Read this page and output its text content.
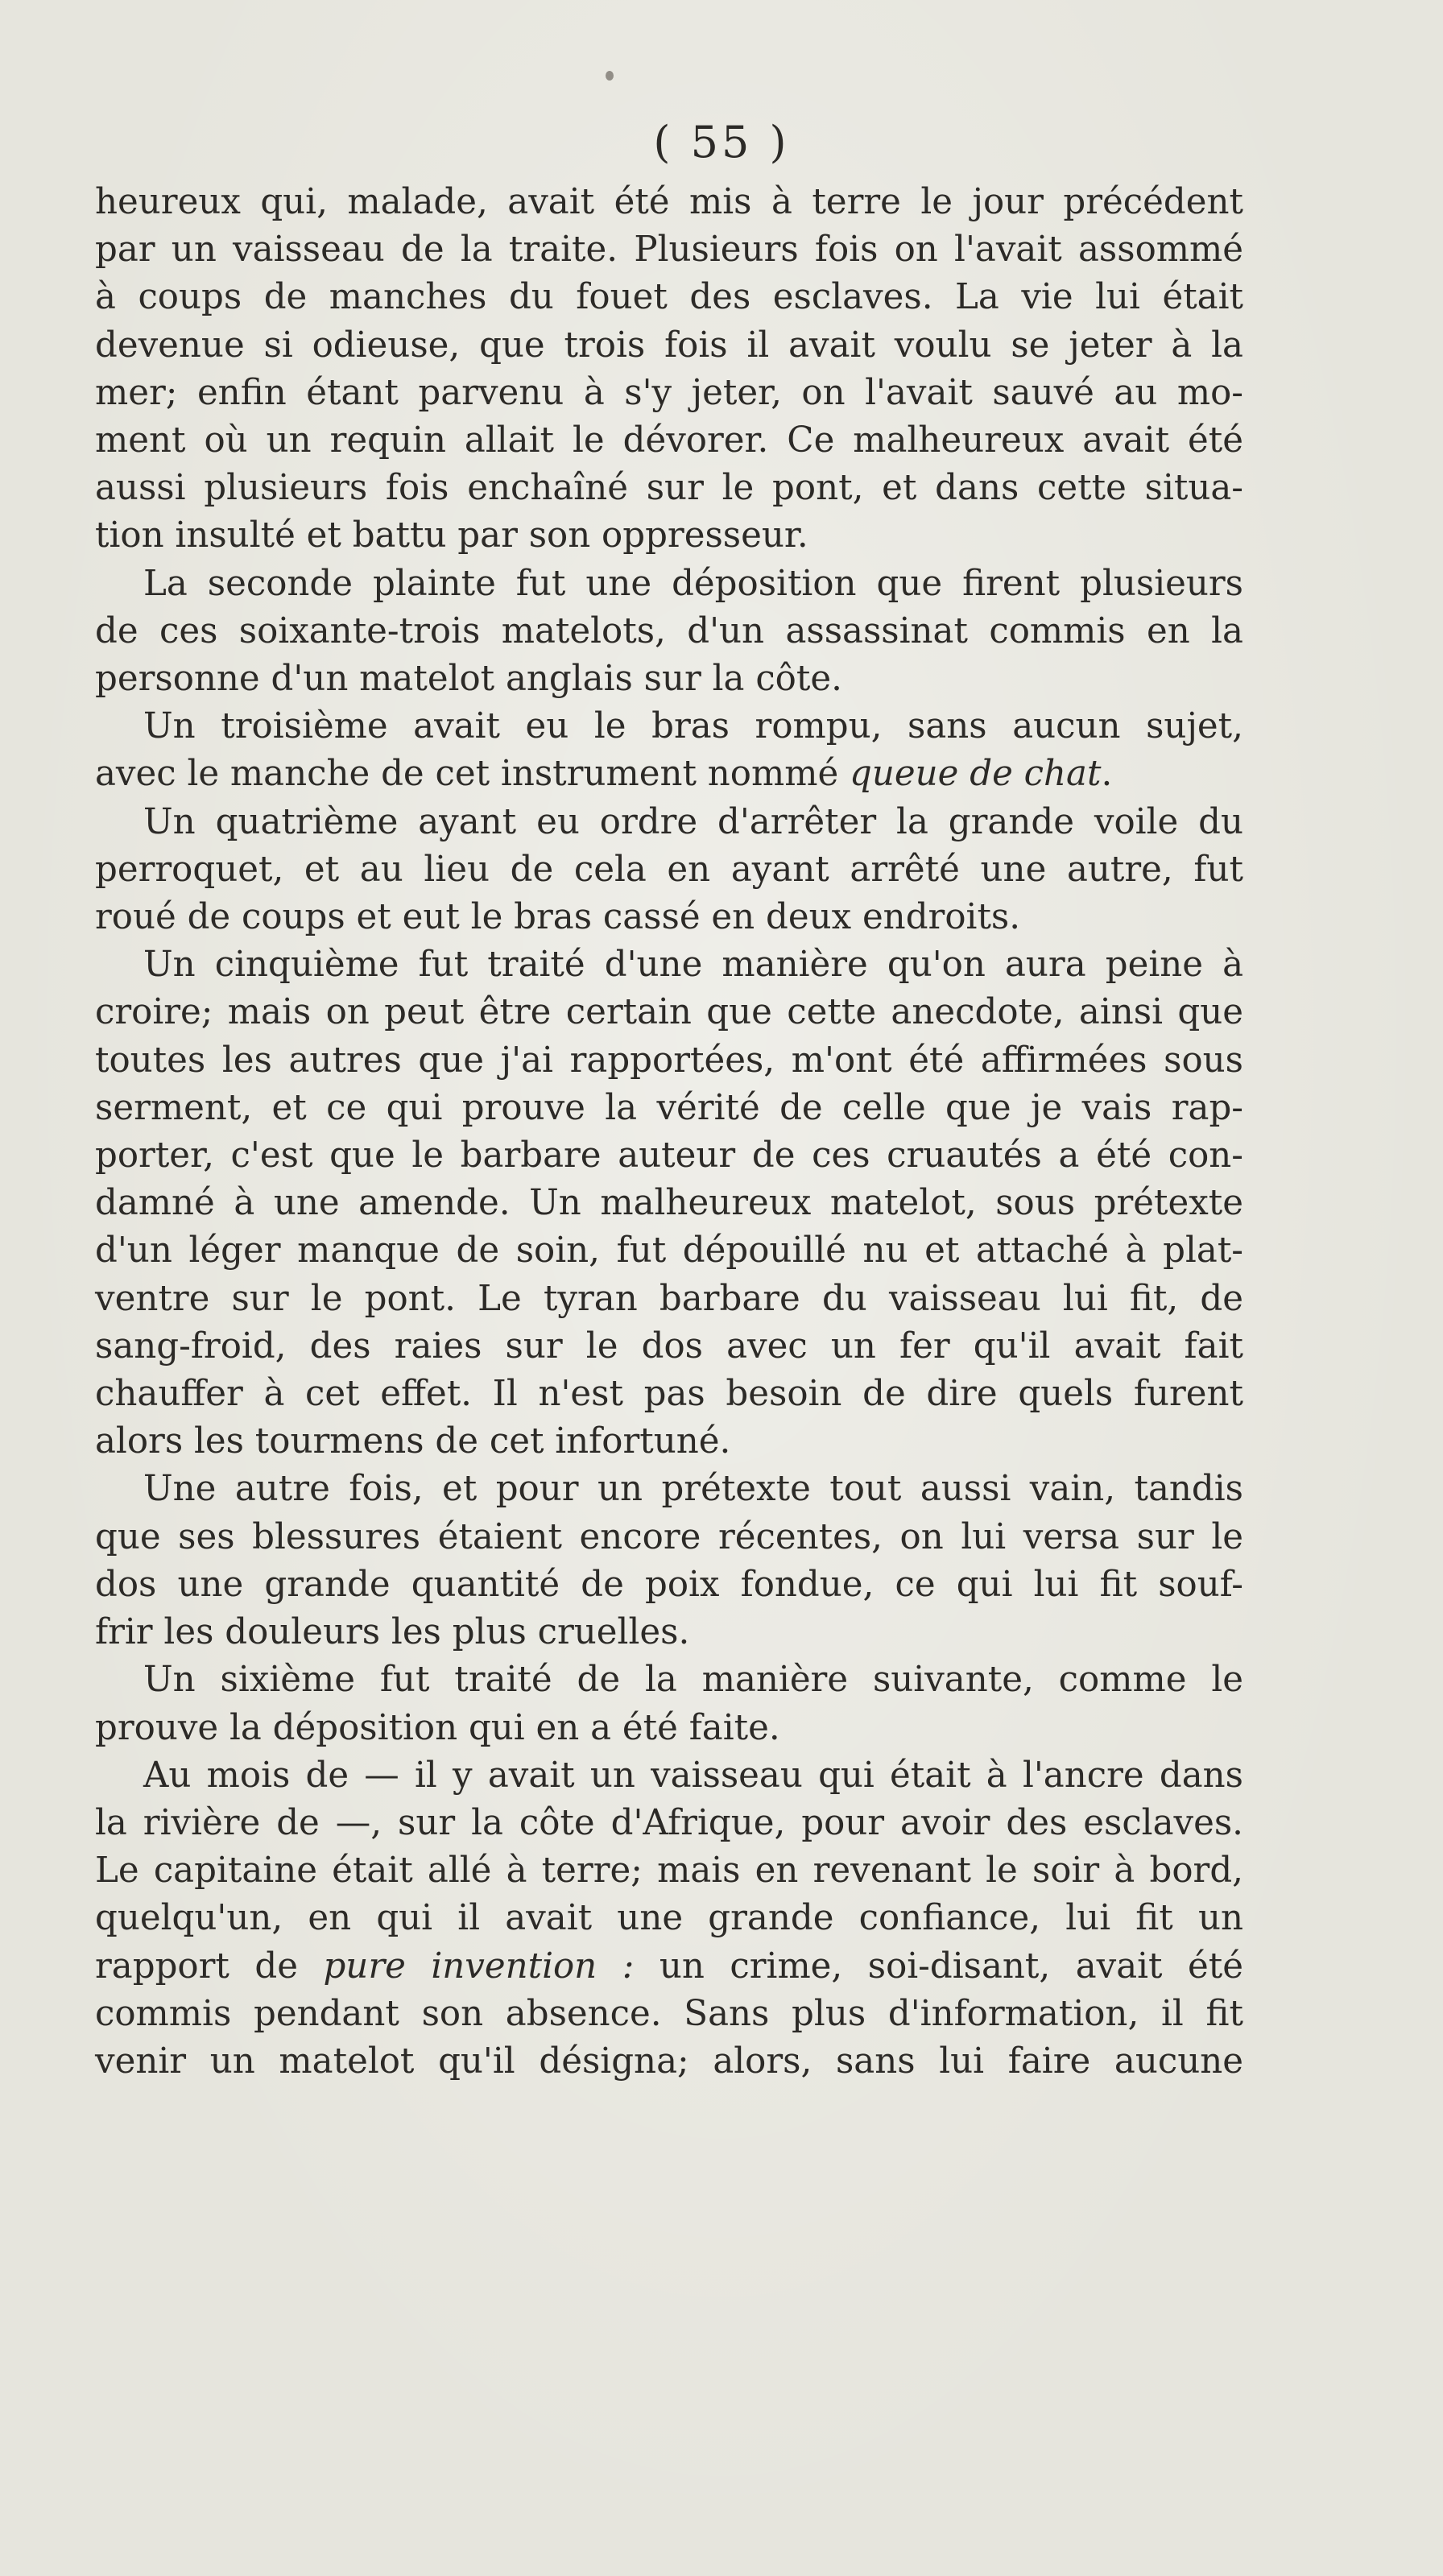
( 55 )

heureux qui, malade, avait été mis à terre le jour précédent

par un vaisseau de la traite. Plusieurs fois on l'avait assommé

à coups de manches du fouet des esclaves. La vie lui était

devenue si odieuse, que trois fois il avait voulu se jeter à la

mer; enfin étant parvenu à s'y jeter, on l'avait sauvé au mo-

ment où un requin allait le dévorer. Ce malheureux avait été

aussi plusieurs fois enchaîné sur le pont, et dans cette situa-

tion insulté et battu par son oppresseur.

La seconde plainte fut une déposition que firent plusieurs

de ces soixante-trois matelots, d'un assassinat commis en la

personne d'un matelot anglais sur la côte.

Un troisième avait eu le bras rompu, sans aucun sujet,

avec le manche de cet instrument nommé queue de chat.

Un quatrième ayant eu ordre d'arrêter la grande voile du

perroquet, et au lieu de cela en ayant arrêté une autre, fut

roué de coups et eut le bras cassé en deux endroits.

Un cinquième fut traité d'une manière qu'on aura peine à

croire; mais on peut être certain que cette anecdote, ainsi que

toutes les autres que j'ai rapportées, m'ont été affirmées sous

serment, et ce qui prouve la vérité de celle que je vais rap-

porter, c'est que le barbare auteur de ces cruautés a été con-

damné à une amende. Un malheureux matelot, sous prétexte

d'un léger manque de soin, fut dépouillé nu et attaché à plat-

ventre sur le pont. Le tyran barbare du vaisseau lui fit, de

sang-froid, des raies sur le dos avec un fer qu'il avait fait

chauffer à cet effet. Il n'est pas besoin de dire quels furent

alors les tourmens de cet infortuné.

Une autre fois, et pour un prétexte tout aussi vain, tandis

que ses blessures étaient encore récentes, on lui versa sur le

dos une grande quantité de poix fondue, ce qui lui fit souf-

frir les douleurs les plus cruelles.

Un sixième fut traité de la manière suivante, comme le

prouve la déposition qui en a été faite.

Au mois de — il y avait un vaisseau qui était à l'ancre dans

la rivière de —, sur la côte d'Afrique, pour avoir des esclaves.

Le capitaine était allé à terre; mais en revenant le soir à bord,

quelqu'un, en qui il avait une grande confiance, lui fit un

rapport de pure invention : un crime, soi-disant, avait été

commis pendant son absence. Sans plus d'information, il fit

venir un matelot qu'il désigna; alors, sans lui faire aucune
